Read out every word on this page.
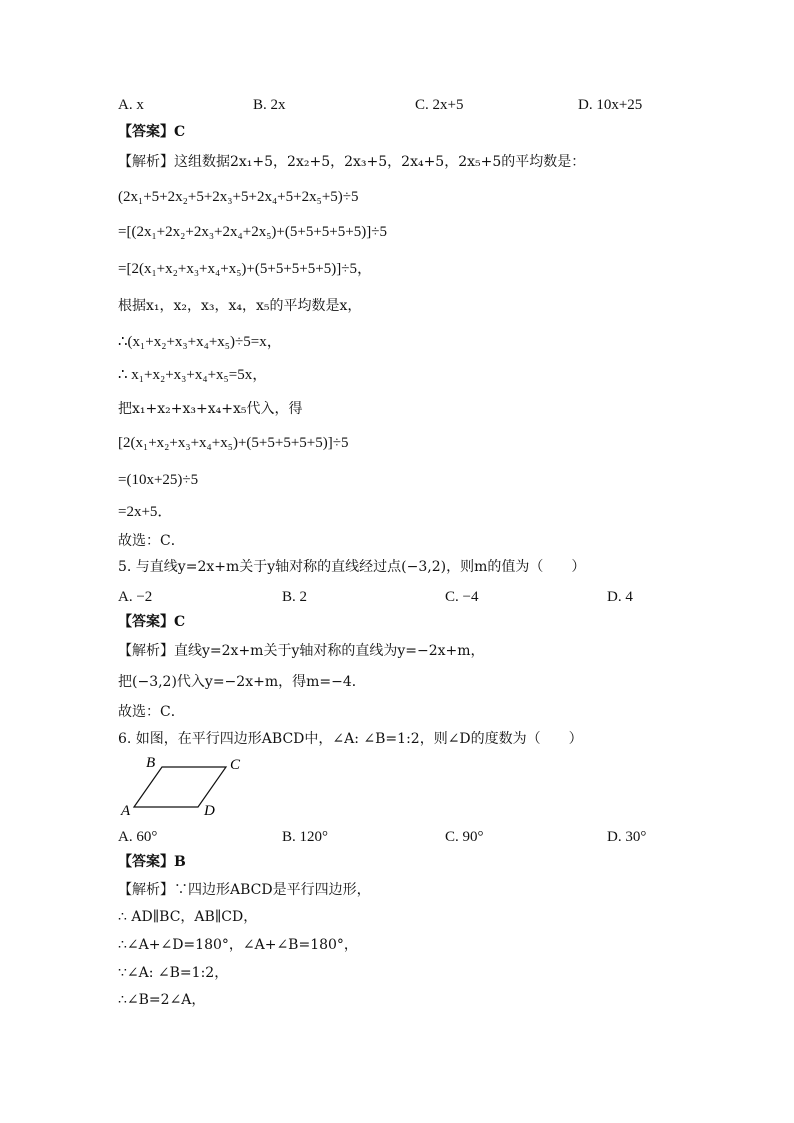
A. x	B. 2x	C. 2x+5	D. 10x+25
【答案】C
【解析】这组数据2x₁+5，2x₂+5，2x₃+5，2x₄+5，2x₅+5的平均数是：
(2x₁+5+2x₂+5+2x₃+5+2x₄+5+2x₅+5)÷5
=[(2x₁+2x₂+2x₃+2x₄+2x₅)+(5+5+5+5+5)]÷5
=[2(x₁+x₂+x₃+x₄+x₅)+(5+5+5+5+5)]÷5，
根据x₁，x₂，x₃，x₄，x₅的平均数是x，
∴(x₁+x₂+x₃+x₄+x₅)÷5=x，
∴ x₁+x₂+x₃+x₄+x₅=5x，
把x₁+x₂+x₃+x₄+x₅代入，得
[2(x₁+x₂+x₃+x₄+x₅)+(5+5+5+5+5)]÷5
=(10x+25)÷5
=2x+5．
故选：C．
5. 与直线y=2x+m关于y轴对称的直线经过点(−3,2)，则m的值为（　　）
A. −2	B. 2	C. −4	D. 4
【答案】C
【解析】直线y=2x+m关于y轴对称的直线为y=−2x+m，
把(−3,2)代入y=−2x+m，得m=−4．
故选：C．
6. 如图，在平行四边形ABCD中，∠A: ∠B=1:2，则∠D的度数为（　　）
B	C
A	D
A. 60°	B. 120°	C. 90°	D. 30°
【答案】B
【解析】∵四边形ABCD是平行四边形，
∴ AD∥BC，AB∥CD，
∴∠A+∠D=180°，∠A+∠B=180°，
∵∠A: ∠B=1:2，
∴∠B=2∠A，
